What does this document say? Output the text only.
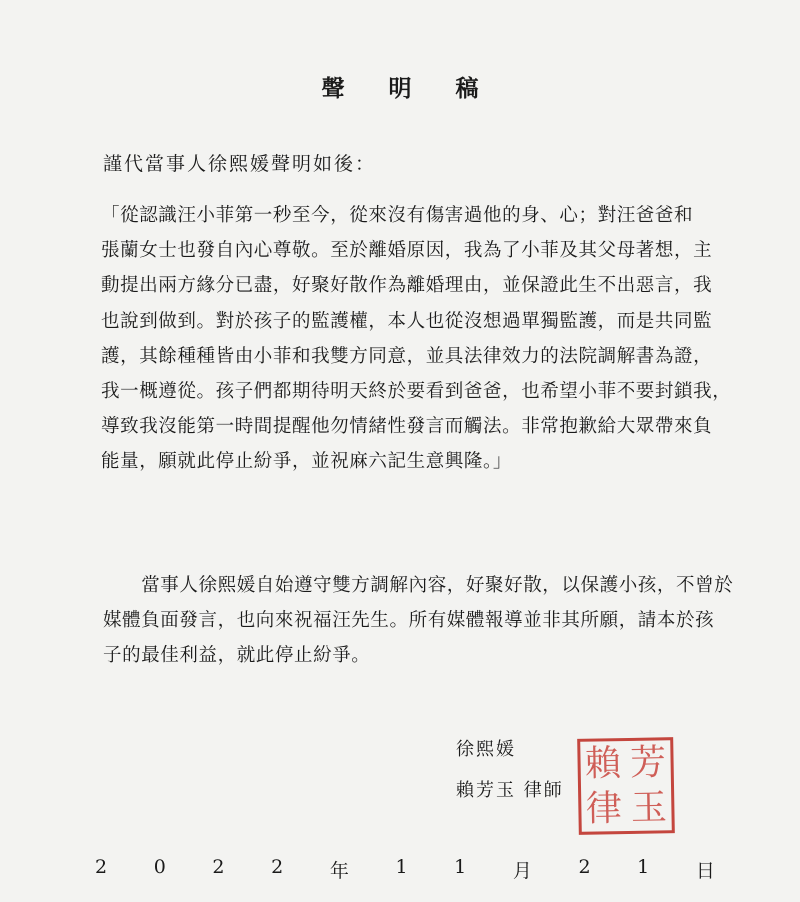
聲 明 稿
謹代當事人徐熙媛聲明如後：
「從認識汪小菲第一秒至今，從來沒有傷害過他的身、心；對汪爸爸和
張蘭女士也發自內心尊敬。至於離婚原因，我為了小菲及其父母著想，主
動提出兩方緣分已盡，好聚好散作為離婚理由，並保證此生不出惡言，我
也說到做到。對於孩子的監護權，本人也從沒想過單獨監護，而是共同監
護，其餘種種皆由小菲和我雙方同意，並具法律效力的法院調解書為證，
我一概遵從。孩子們都期待明天終於要看到爸爸，也希望小菲不要封鎖我，
導致我沒能第一時間提醒他勿情緒性發言而觸法。非常抱歉給大眾帶來負
能量，願就此停止紛爭，並祝麻六記生意興隆。」
　　當事人徐熙媛自始遵守雙方調解內容，好聚好散，以保護小孩，不曾於
媒體負面發言，也向來祝福汪先生。所有媒體報導並非其所願，請本於孩
子的最佳利益，就此停止紛爭。
徐熙媛
賴芳玉 律師
賴 芳
律 玉
2 0 2 2 年 1 1 月 2 1 日
